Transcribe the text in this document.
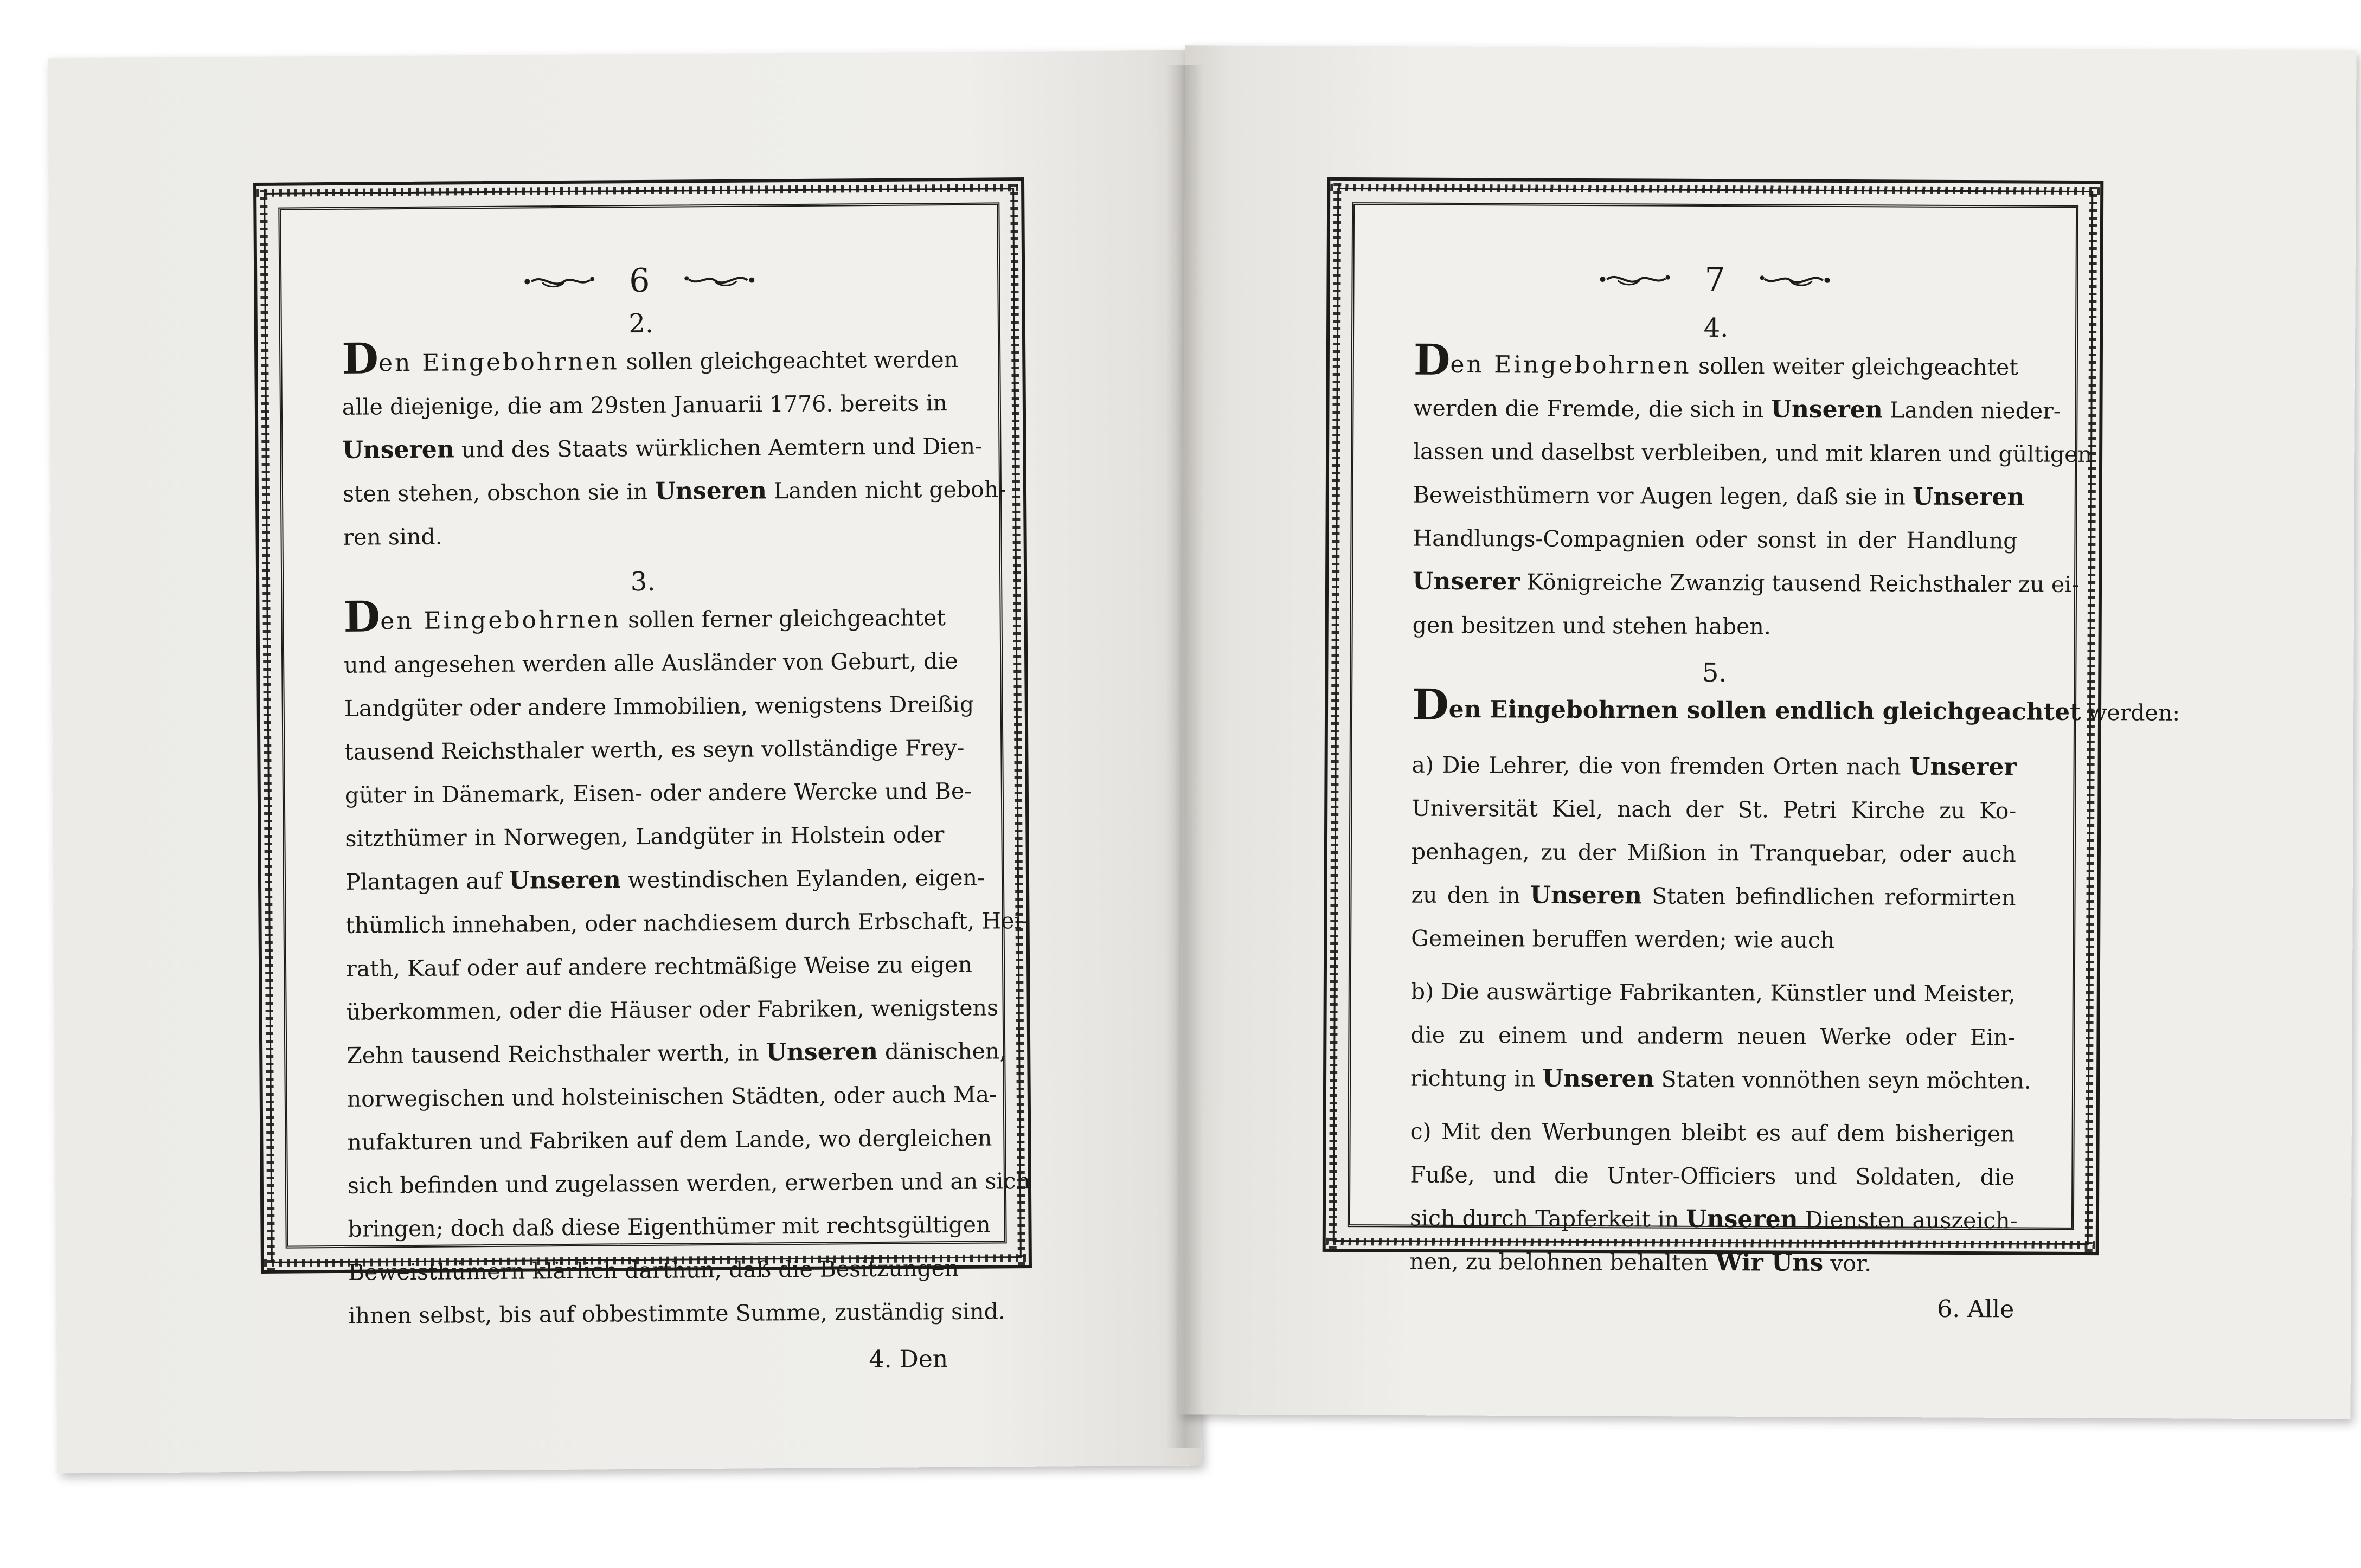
6
2.
Den Eingebohrnen sollen gleichgeachtet werden
alle diejenige, die am 29sten Januarii 1776. bereits in
Unseren und des Staats würklichen Aemtern und Dien-
sten stehen, obschon sie in Unseren Landen nicht geboh-
ren sind.
3.
Den Eingebohrnen sollen ferner gleichgeachtet
und angesehen werden alle Ausländer von Geburt, die
Landgüter oder andere Immobilien, wenigstens Dreißig
tausend Reichsthaler werth, es seyn vollständige Frey-
güter in Dänemark, Eisen- oder andere Wercke und Be-
sitzthümer in Norwegen, Landgüter in Holstein oder
Plantagen auf Unseren westindischen Eylanden, eigen-
thümlich innehaben, oder nachdiesem durch Erbschaft, Hei-
rath, Kauf oder auf andere rechtmäßige Weise zu eigen
überkommen, oder die Häuser oder Fabriken, wenigstens
Zehn tausend Reichsthaler werth, in Unseren dänischen,
norwegischen und holsteinischen Städten, oder auch Ma-
nufakturen und Fabriken auf dem Lande, wo dergleichen
sich befinden und zugelassen werden, erwerben und an sich
bringen; doch daß diese Eigenthümer mit rechtsgültigen
Beweisthümern klärlich darthun, daß die Besitzungen
ihnen selbst, bis auf obbestimmte Summe, zuständig sind.
4. Den
7
4.
Den Eingebohrnen sollen weiter gleichgeachtet
werden die Fremde, die sich in Unseren Landen nieder-
lassen und daselbst verbleiben, und mit klaren und gültigen
Beweisthümern vor Augen legen, daß sie in Unseren
Handlungs-Compagnien oder sonst in der Handlung
Unserer Königreiche Zwanzig tausend Reichsthaler zu ei-
gen besitzen und stehen haben.
5.
Den Eingebohrnen sollen endlich gleichgeachtet werden:
a) Die Lehrer, die von fremden Orten nach Unserer
Universität Kiel, nach der St. Petri Kirche zu Ko-
penhagen, zu der Mißion in Tranquebar, oder auch
zu den in Unseren Staten befindlichen reformirten
Gemeinen beruffen werden; wie auch
b) Die auswärtige Fabrikanten, Künstler und Meister,
die zu einem und anderm neuen Werke oder Ein-
richtung in Unseren Staten vonnöthen seyn möchten.
c) Mit den Werbungen bleibt es auf dem bisherigen
Fuße, und die Unter-Officiers und Soldaten, die
sich durch Tapferkeit in Unseren Diensten auszeich-
nen, zu belohnen behalten Wir Uns vor.
6. Alle
